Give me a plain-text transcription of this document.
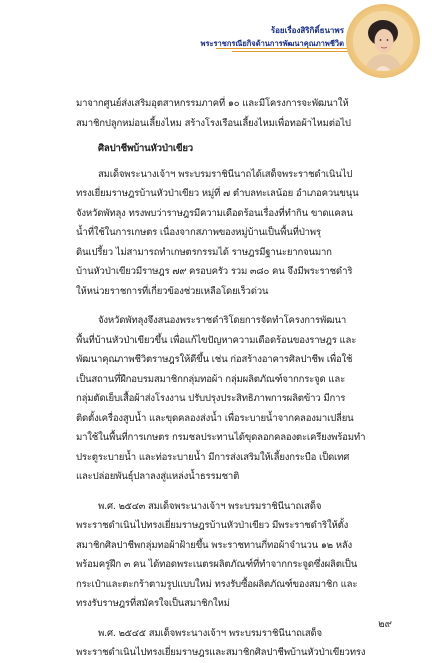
ร้อยเรื่องสิริกิติ์ธนาพร
พระราชกรณียกิจด้านการพัฒนาคุณภาพชีวิต

มาจากศูนย์ส่งเสริมอุตสาหกรรมภาคที่ ๑๐ และมีโครงการจะพัฒนาให้

สมาชิกปลูกหม่อนเลี้ยงไหม สร้างโรงเรือนเลี้ยงไหมเพื่อทอผ้าไหมต่อไป

ศิลปาชีพบ้านหัวป่าเขียว

สมเด็จพระนางเจ้าฯ พระบรมราชินีนาถได้เสด็จพระราชดำเนินไป

ทรงเยี่ยมราษฎรบ้านหัวป่าเขียว หมู่ที่ ๗ ตำบลทะเลน้อย อำเภอควนขนุน

จังหวัดพัทลุง ทรงพบว่าราษฎรมีความเดือดร้อนเรื่องที่ทำกิน ขาดแคลน

น้ำที่ใช้ในการเกษตร เนื่องจากสภาพของหมู่บ้านเป็นพื้นที่ป่าพรุ

ดินเปรี้ยว ไม่สามารถทำเกษตรกรรมได้ ราษฎรมีฐานะยากจนมาก

บ้านหัวป่าเขียวมีราษฎร ๗๙ ครอบครัว รวม ๓๘๐ คน จึงมีพระราชดำริ

ให้หน่วยราชการที่เกี่ยวข้องช่วยเหลือโดยเร็วด่วน

จังหวัดพัทลุงจึงสนองพระราชดำริโดยการจัดทำโครงการพัฒนา

พื้นที่บ้านหัวป่าเขียวขึ้น เพื่อแก้ไขปัญหาความเดือดร้อนของราษฎร และ

พัฒนาคุณภาพชีวิตราษฎรให้ดีขึ้น เช่น ก่อสร้างอาคารศิลปาชีพ เพื่อใช้

เป็นสถานที่ฝึกอบรมสมาชิกกลุ่มทอผ้า กลุ่มผลิตภัณฑ์จากกระจูด และ

กลุ่มตัดเย็บเสื้อผ้าส่งโรงงาน ปรับปรุงประสิทธิภาพการผลิตข้าว มีการ

ติดตั้งเครื่องสูบน้ำ และขุดคลองส่งน้ำ เพื่อระบายน้ำจากคลองมาเปลี่ยน

มาใช้ในพื้นที่การเกษตร กรมชลประทานได้ขุดลอกคลองตะเครียงพร้อมทำ

ประตูระบายน้ำ และท่อระบายน้ำ มีการส่งเสริมให้เลี้ยงกระบือ เป็ดเทศ

และปล่อยพันธุ์ปลาลงสู่แหล่งน้ำธรรมชาติ

พ.ศ. ๒๕๔๓ สมเด็จพระนางเจ้าฯ พระบรมราชินีนาถเสด็จ

พระราชดำเนินไปทรงเยี่ยมราษฎรบ้านหัวป่าเขียว มีพระราชดำริให้ตั้ง

สมาชิกศิลปาชีพกลุ่มทอผ้าฝ้ายขึ้น พระราชทานกี่ทอผ้าจำนวน ๑๒ หลัง

พร้อมครูฝึก ๓ คน ได้ทอดพระเนตรผลิตภัณฑ์ที่ทำจากกระจูดซึ่งผลิตเป็น

กระเป๋าและตะกร้าตามรูปแบบใหม่ ทรงรับซื้อผลิตภัณฑ์ของสมาชิก และ

ทรงรับราษฎรที่สมัครใจเป็นสมาชิกใหม่

พ.ศ. ๒๕๔๕ สมเด็จพระนางเจ้าฯ พระบรมราชินีนาถเสด็จ

พระราชดำเนินไปทรงเยี่ยมราษฎรและสมาชิกศิลปาชีพบ้านหัวป่าเขียวทรง

๒๙
